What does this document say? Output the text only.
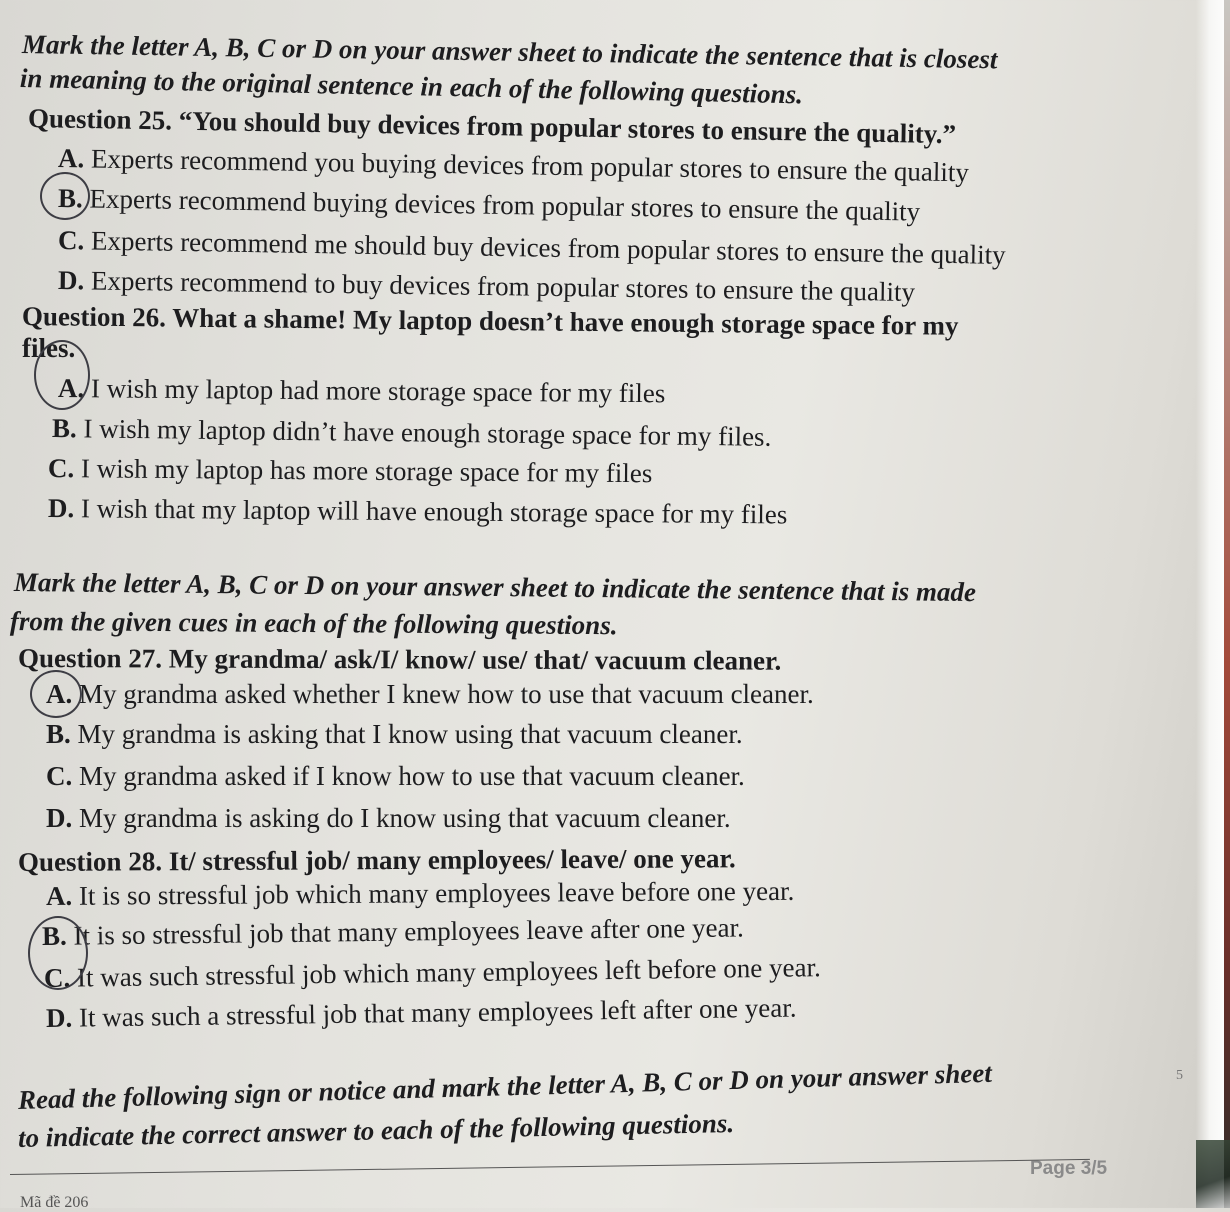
Mark the letter A, B, C or D on your answer sheet to indicate the sentence that is closest
in meaning to the original sentence in each of the following questions.
Question 25. “You should buy devices from popular stores to ensure the quality.”
A. Experts recommend you buying devices from popular stores to ensure the quality
B. Experts recommend buying devices from popular stores to ensure the quality
C. Experts recommend me should buy devices from popular stores to ensure the quality
D. Experts recommend to buy devices from popular stores to ensure the quality
Question 26. What a shame! My laptop doesn’t have enough storage space for my
files.
A. I wish my laptop had more storage space for my files
B. I wish my laptop didn’t have enough storage space for my files.
C. I wish my laptop has more storage space for my files
D. I wish that my laptop will have enough storage space for my files
Mark the letter A, B, C or D on your answer sheet to indicate the sentence that is made
from the given cues in each of the following questions.
Question 27. My grandma/ ask/I/ know/ use/ that/ vacuum cleaner.
A. My grandma asked whether I knew how to use that vacuum cleaner.
B. My grandma is asking that I know using that vacuum cleaner.
C. My grandma asked if I know how to use that vacuum cleaner.
D. My grandma is asking do I know using that vacuum cleaner.
Question 28. It/ stressful job/ many employees/ leave/ one year.
A. It is so stressful job which many employees leave before one year.
B. It is so stressful job that many employees leave after one year.
C. It was such stressful job which many employees left before one year.
D. It was such a stressful job that many employees left after one year.
Read the following sign or notice and mark the letter A, B, C or D on your answer sheet
to indicate the correct answer to each of the following questions.
Page 3/5
Mã đề 206
5
